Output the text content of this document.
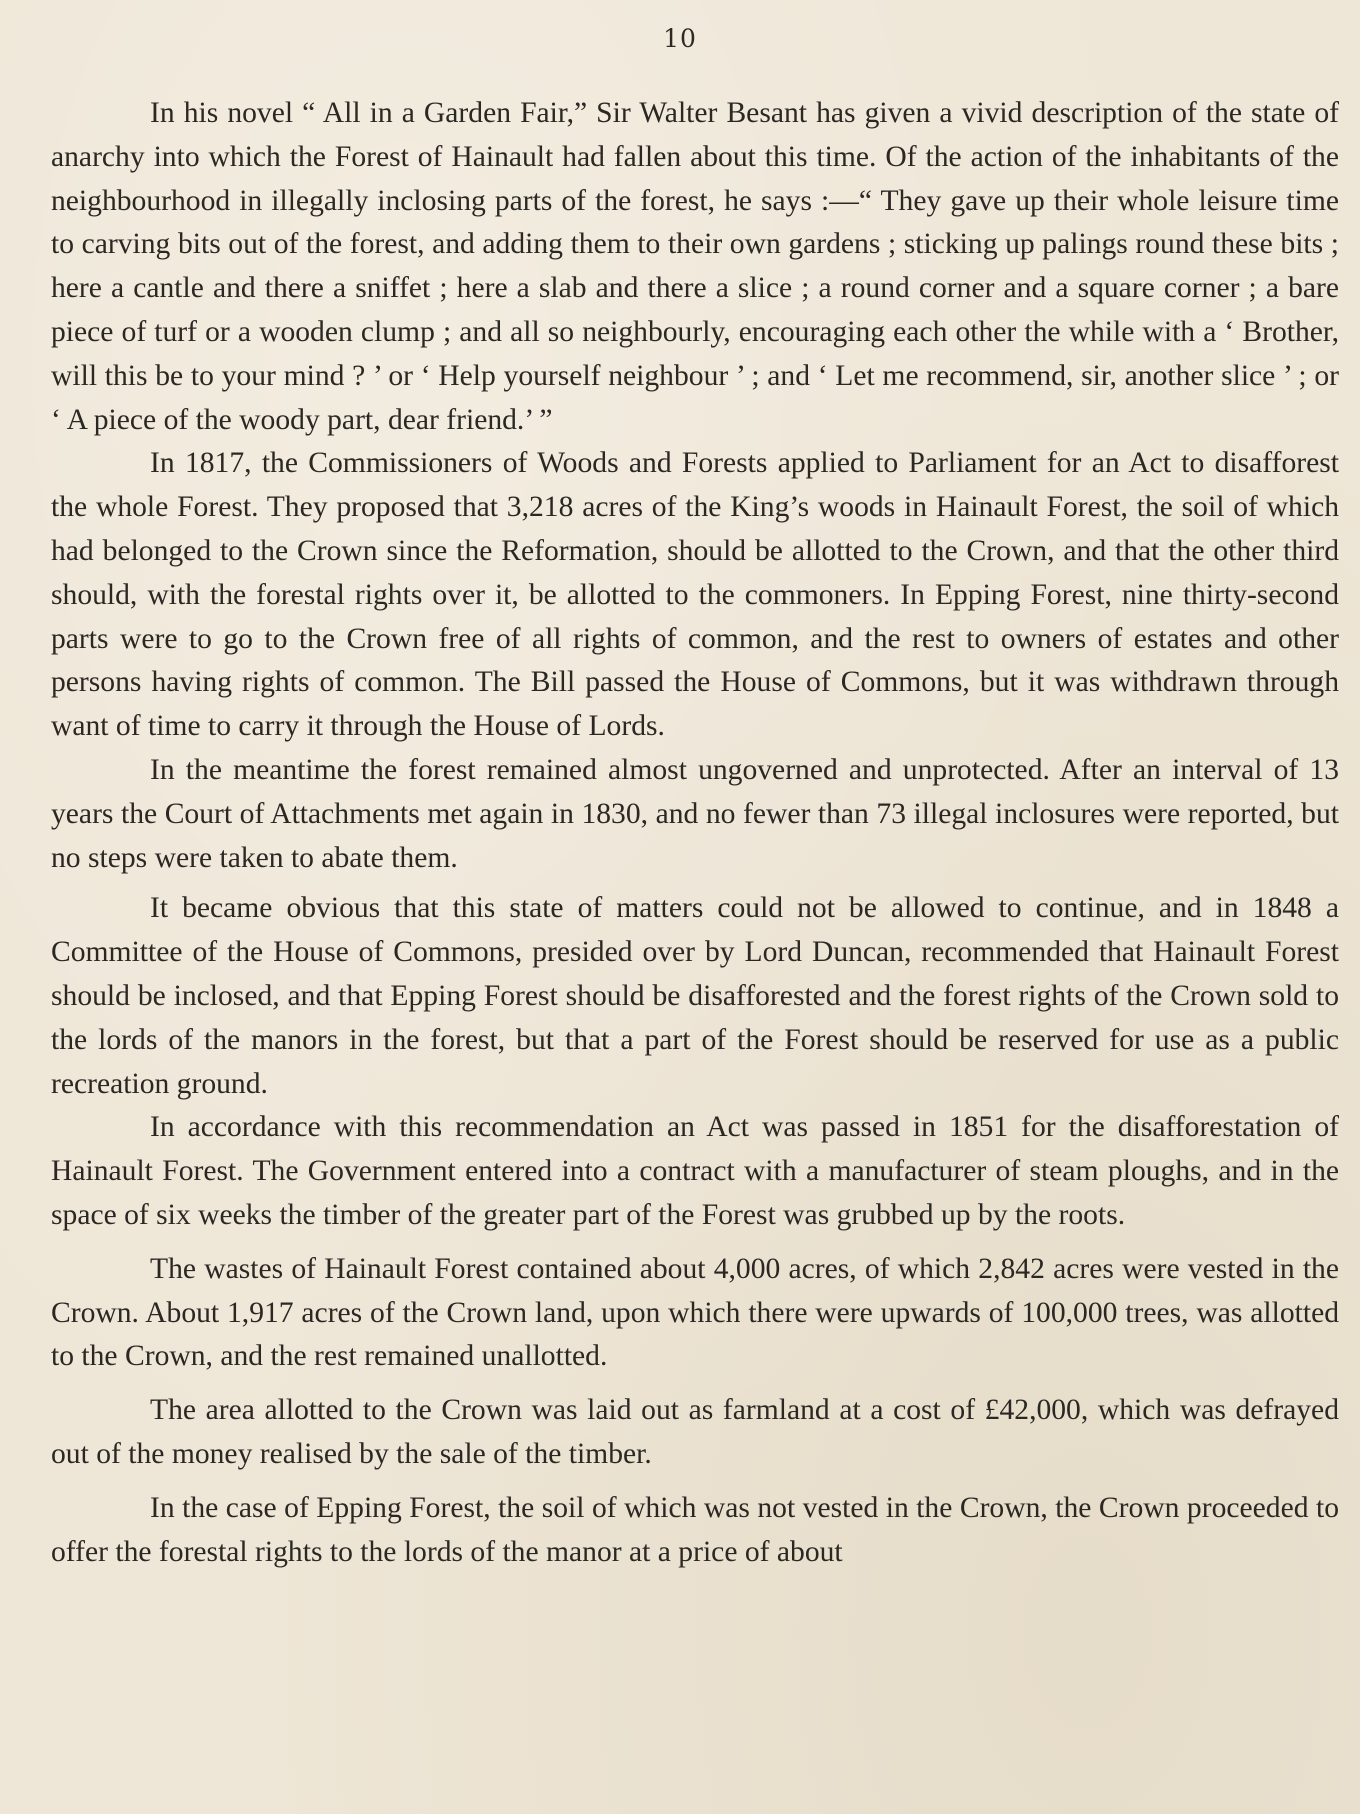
10

In his novel “ All in a Garden Fair,” Sir Walter Besant has given a vivid description of the state of anarchy into which the Forest of Hainault had fallen about this time. Of the action of the inhabitants of the neighbourhood in illegally inclosing parts of the forest, he says :—“ They gave up their whole leisure time to carving bits out of the forest, and adding them to their own gardens ; sticking up palings round these bits ; here a cantle and there a sniffet ; here a slab and there a slice ; a round corner and a square corner ; a bare piece of turf or a wooden clump ; and all so neighbourly, encouraging each other the while with a ‘ Brother, will this be to your mind ? ’ or ‘ Help yourself neighbour ’ ; and ‘ Let me recommend, sir, another slice ’ ; or ‘ A piece of the woody part, dear friend.’ ”

In 1817, the Commissioners of Woods and Forests applied to Parliament for an Act to disafforest the whole Forest. They proposed that 3,218 acres of the King’s woods in Hainault Forest, the soil of which had belonged to the Crown since the Reformation, should be allotted to the Crown, and that the other third should, with the forestal rights over it, be allotted to the commoners. In Epping Forest, nine thirty-second parts were to go to the Crown free of all rights of common, and the rest to owners of estates and other persons having rights of common. The Bill passed the House of Commons, but it was withdrawn through want of time to carry it through the House of Lords.

In the meantime the forest remained almost ungoverned and unprotected. After an interval of 13 years the Court of Attachments met again in 1830, and no fewer than 73 illegal inclosures were reported, but no steps were taken to abate them.

It became obvious that this state of matters could not be allowed to continue, and in 1848 a Committee of the House of Commons, presided over by Lord Duncan, recommended that Hainault Forest should be inclosed, and that Epping Forest should be disafforested and the forest rights of the Crown sold to the lords of the manors in the forest, but that a part of the Forest should be reserved for use as a public recreation ground.

In accordance with this recommendation an Act was passed in 1851 for the disafforestation of Hainault Forest. The Government entered into a contract with a manufacturer of steam ploughs, and in the space of six weeks the timber of the greater part of the Forest was grubbed up by the roots.

The wastes of Hainault Forest contained about 4,000 acres, of which 2,842 acres were vested in the Crown. About 1,917 acres of the Crown land, upon which there were upwards of 100,000 trees, was allotted to the Crown, and the rest remained unallotted.

The area allotted to the Crown was laid out as farmland at a cost of £42,000, which was defrayed out of the money realised by the sale of the timber.

In the case of Epping Forest, the soil of which was not vested in the Crown, the Crown proceeded to offer the forestal rights to the lords of the manor at a price of about
